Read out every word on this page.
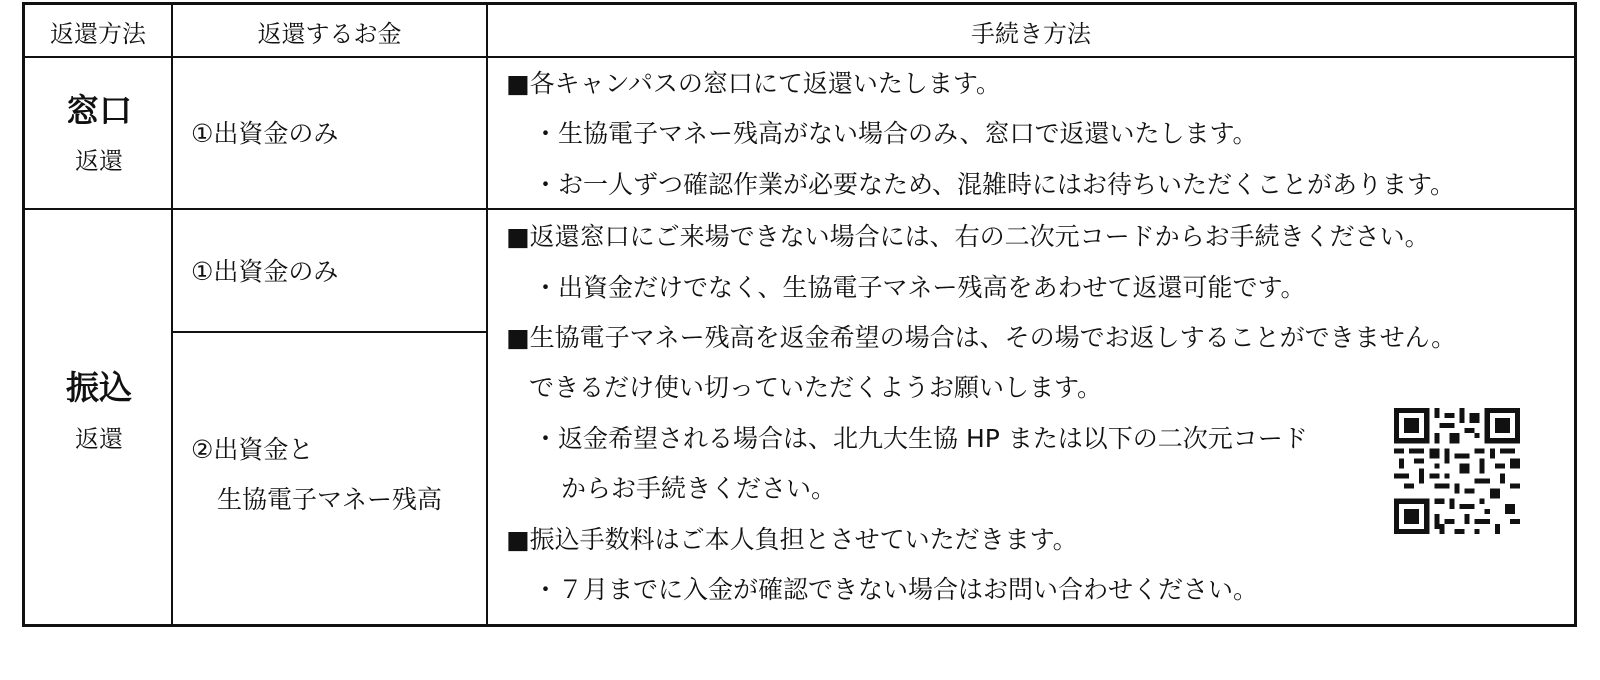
返還方法	返還するお金	手続き方法
窓口
返還
①出資金のみ
■各キャンパスの窓口にて返還いたします。
・生協電子マネー残高がない場合のみ、窓口で返還いたします。
・お一人ずつ確認作業が必要なため、混雑時にはお待ちいただくことがあります。
振込
返還
①出資金のみ
②出資金と
生協電子マネー残高
■返還窓口にご来場できない場合には、右の二次元コードからお手続きください。
・出資金だけでなく、生協電子マネー残高をあわせて返還可能です。
■生協電子マネー残高を返金希望の場合は、その場でお返しすることができません。
できるだけ使い切っていただくようお願いします。
・返金希望される場合は、北九大生協 HP または以下の二次元コード
からお手続きください。
■振込手数料はご本人負担とさせていただきます。
・７月までに入金が確認できない場合はお問い合わせください。
